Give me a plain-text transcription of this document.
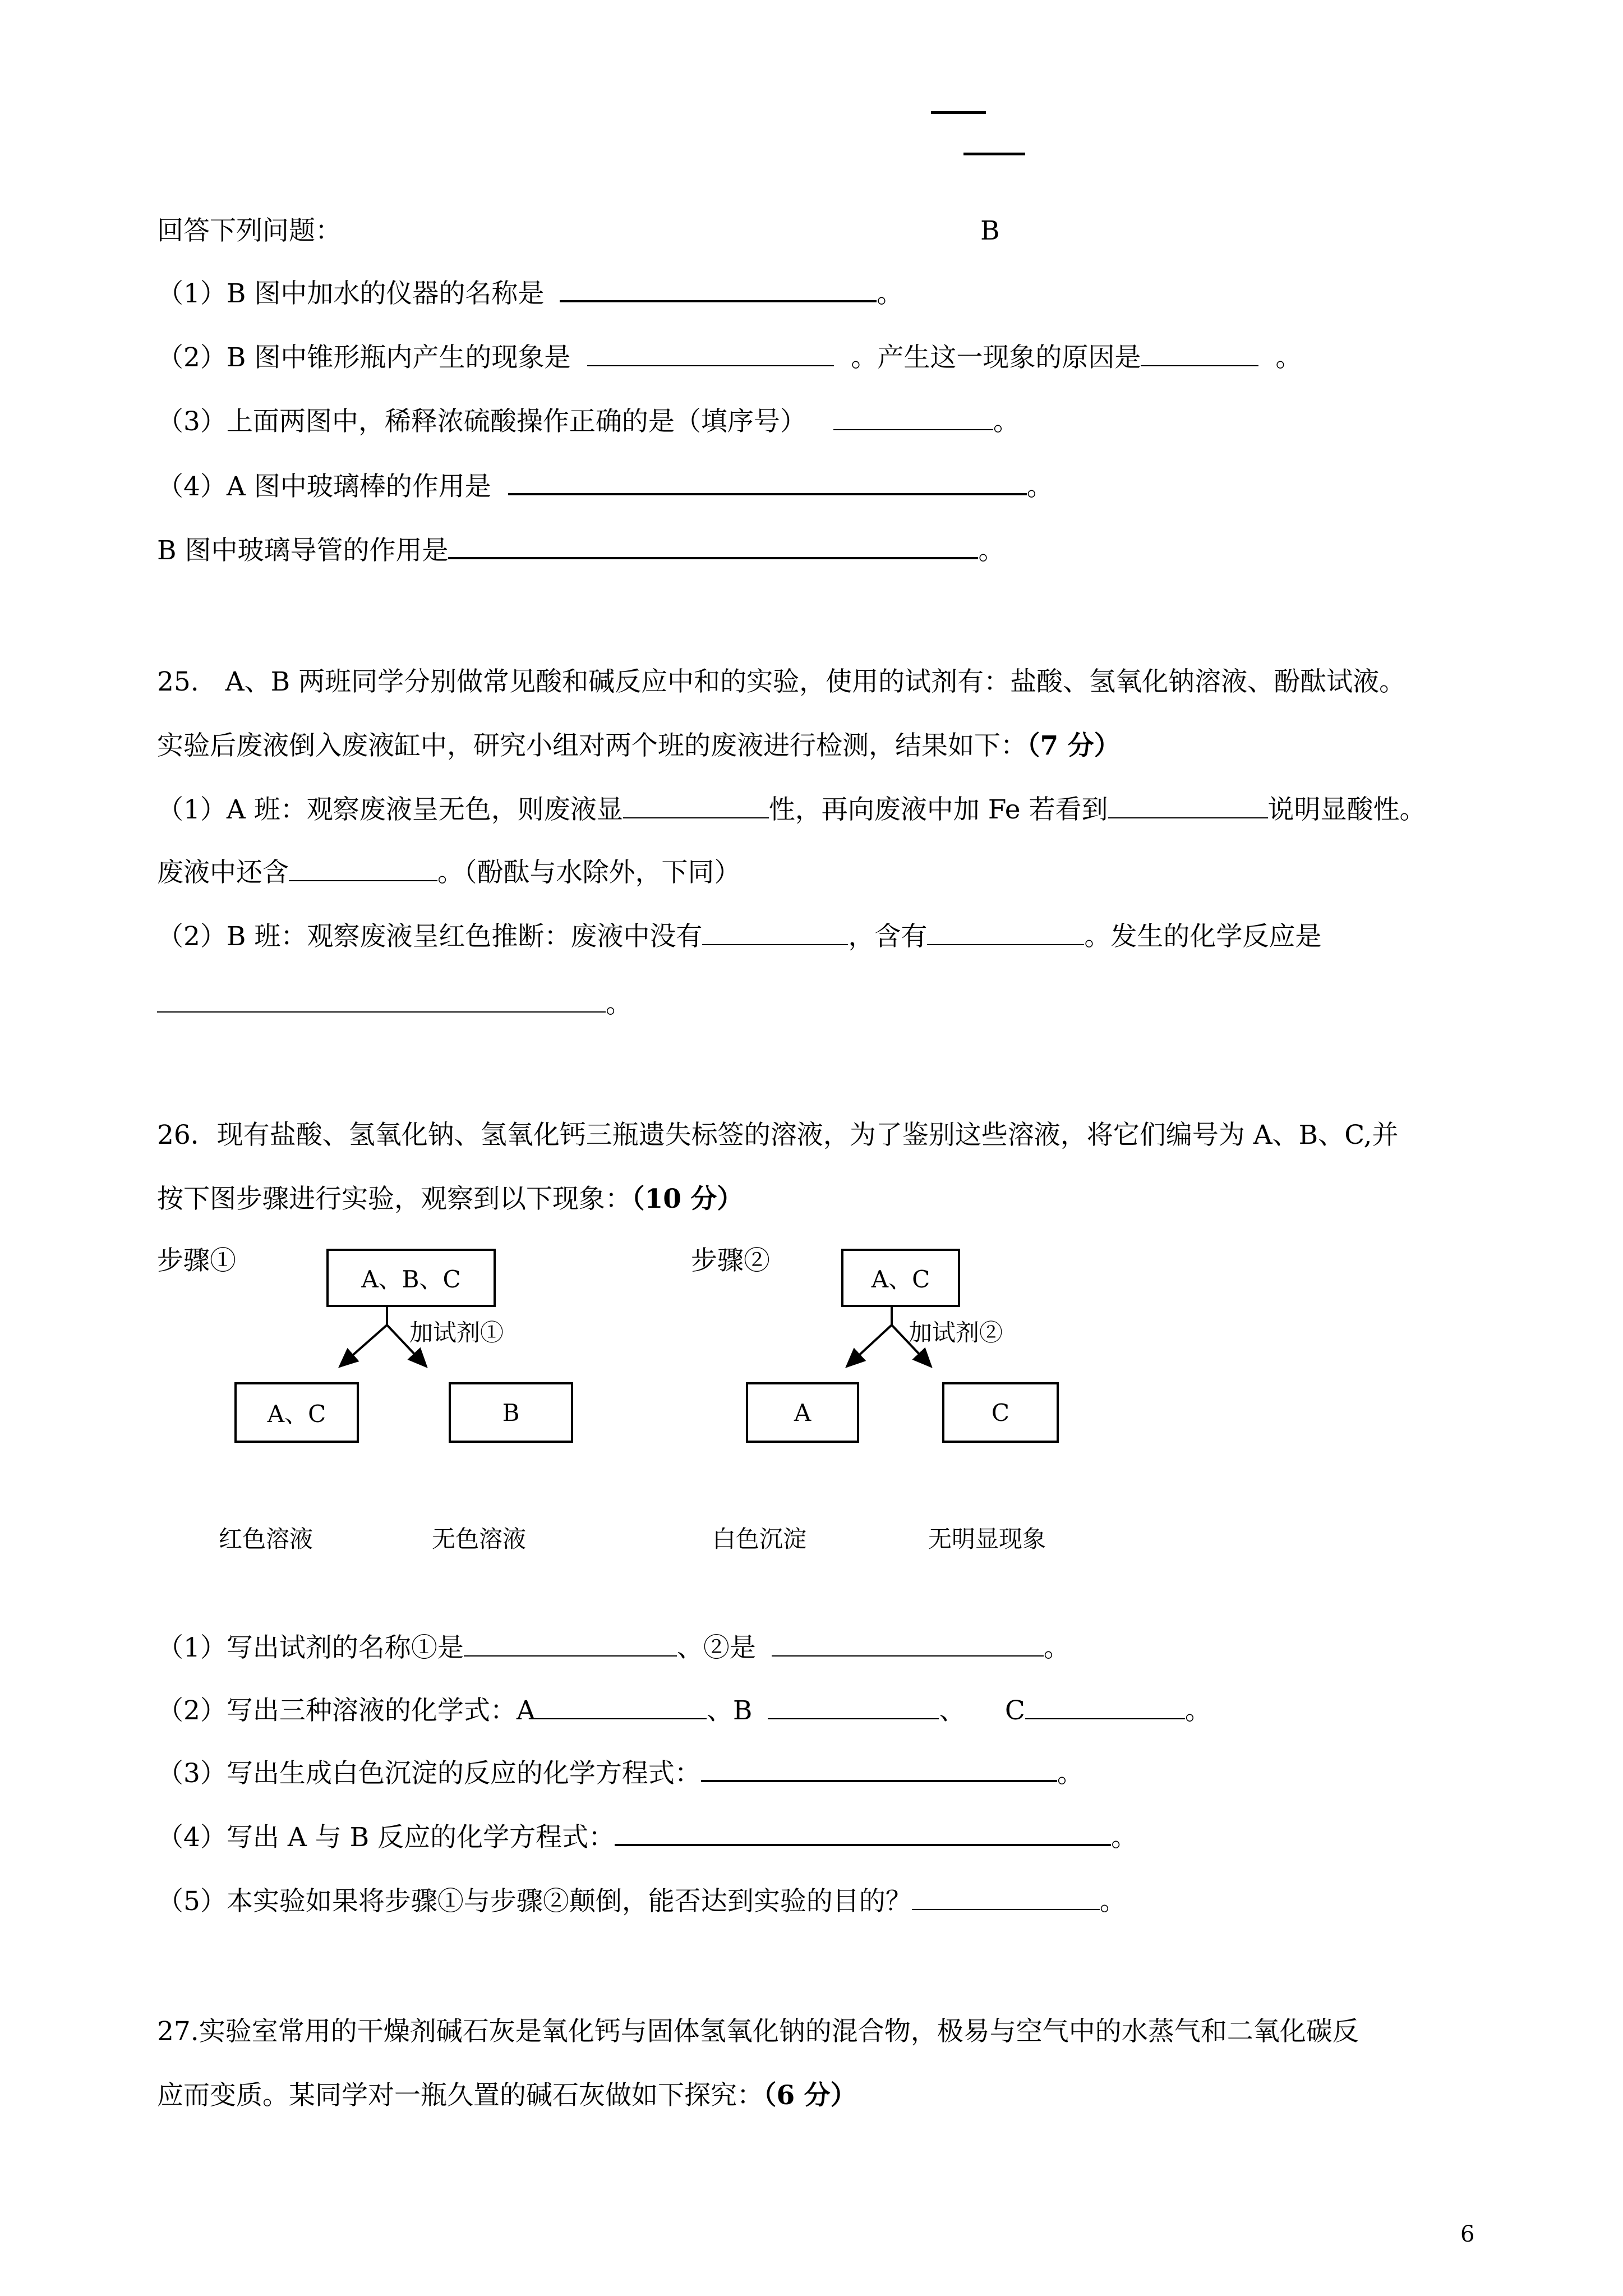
回答下列问题：	B
（1）B 图中加水的仪器的名称是	。
（2）B 图中锥形瓶内产生的现象是	。产生这一现象的原因是	。
（3）上面两图中，稀释浓硫酸操作正确的是（填序号）	。
（4）A 图中玻璃棒的作用是	。
B 图中玻璃导管的作用是	。
25.　A、B 两班同学分别做常见酸和碱反应中和的实验，使用的试剂有：盐酸、氢氧化钠溶液、酚酞试液。
实验后废液倒入废液缸中，研究小组对两个班的废液进行检测，结果如下：（7 分）
（1）A 班：观察废液呈无色，则废液显	性，再向废液中加 Fe 若看到	说明显酸性。
废液中还含	。（酚酞与水除外，下同）
（2）B 班：观察废液呈红色推断：废液中没有	，含有	。发生的化学反应是
。
26．现有盐酸、氢氧化钠、氢氧化钙三瓶遗失标签的溶液，为了鉴别这些溶液，将它们编号为 A、B、C,并
按下图步骤进行实验，观察到以下现象：（10 分）
步骤①
A、B、C
加试剂①
A、C	B
红色溶液	无色溶液
步骤②
A、C
加试剂②
A	C
白色沉淀	无明显现象
（1）写出试剂的名称①是	、②是	。
（2）写出三种溶液的化学式：A	、B	、　　C	。
（3）写出生成白色沉淀的反应的化学方程式：	。
（4）写出 A 与 B 反应的化学方程式：	。
（5）本实验如果将步骤①与步骤②颠倒，能否达到实验的目的？	。
27.实验室常用的干燥剂碱石灰是氧化钙与固体氢氧化钠的混合物，极易与空气中的水蒸气和二氧化碳反
应而变质。某同学对一瓶久置的碱石灰做如下探究：（6 分）
6
